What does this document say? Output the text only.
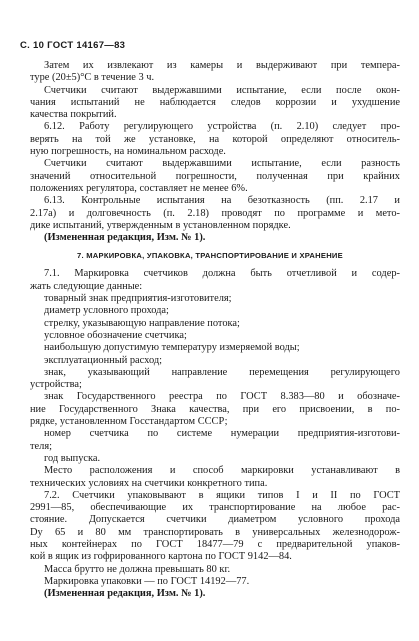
С. 10 ГОСТ 14167—83
Затем их извлекают из камеры и выдерживают при темпера-
туре (20±5)°С в течение 3 ч.
Счетчики считают выдержавшими испытание, если после окон-
чания испытаний не наблюдается следов коррозии и ухудшение
качества покрытий.
6.12. Работу регулирующего устройства (п. 2.10) следует про-
верять на той же установке, на которой определяют относитель-
ную погрешность, на номинальном расходе.
Счетчики считают выдержавшими испытание, если разность
значений относительной погрешности, полученная при крайних
положениях регулятора, составляет не менее 6%.
6.13. Контрольные испытания на безотказность (пп. 2.17 и
2.17а) и долговечность (п. 2.18) проводят по программе и мето-
дике испытаний, утвержденным в установленном порядке.
(Измененная редакция, Изм. № 1).
7. МАРКИРОВКА, УПАКОВКА, ТРАНСПОРТИРОВАНИЕ И ХРАНЕНИЕ
7.1. Маркировка счетчиков должна быть отчетливой и содер-
жать следующие данные:
товарный знак предприятия-изготовителя;
диаметр условного прохода;
стрелку, указывающую направление потока;
условное обозначение счетчика;
наибольшую допустимую температуру измеряемой воды;
эксплуатационный расход;
знак, указывающий направление перемещения регулирующего
устройства;
знак Государственного реестра по ГОСТ 8.383—80 и обозначе-
ние Государственного Знака качества, при его присвоении, в по-
рядке, установленном Госстандартом СССР;
номер счетчика по системе нумерации предприятия-изготови-
теля;
год выпуска.
Место расположения и способ маркировки устанавливают в
технических условиях на счетчики конкретного типа.
7.2. Счетчики упаковывают в ящики типов I и II по ГОСТ
2991—85, обеспечивающие их транспортирование на любое рас-
стояние. Допускается счетчики диаметром условного прохода
Dу 65 и 80 мм транспортировать в универсальных железнодорож-
ных контейнерах по ГОСТ 18477—79 с предварительной упаков-
кой в ящик из гофрированного картона по ГОСТ 9142—84.
Масса брутто не должна превышать 80 кг.
Маркировка упаковки — по ГОСТ 14192—77.
(Измененная редакция, Изм. № 1).
